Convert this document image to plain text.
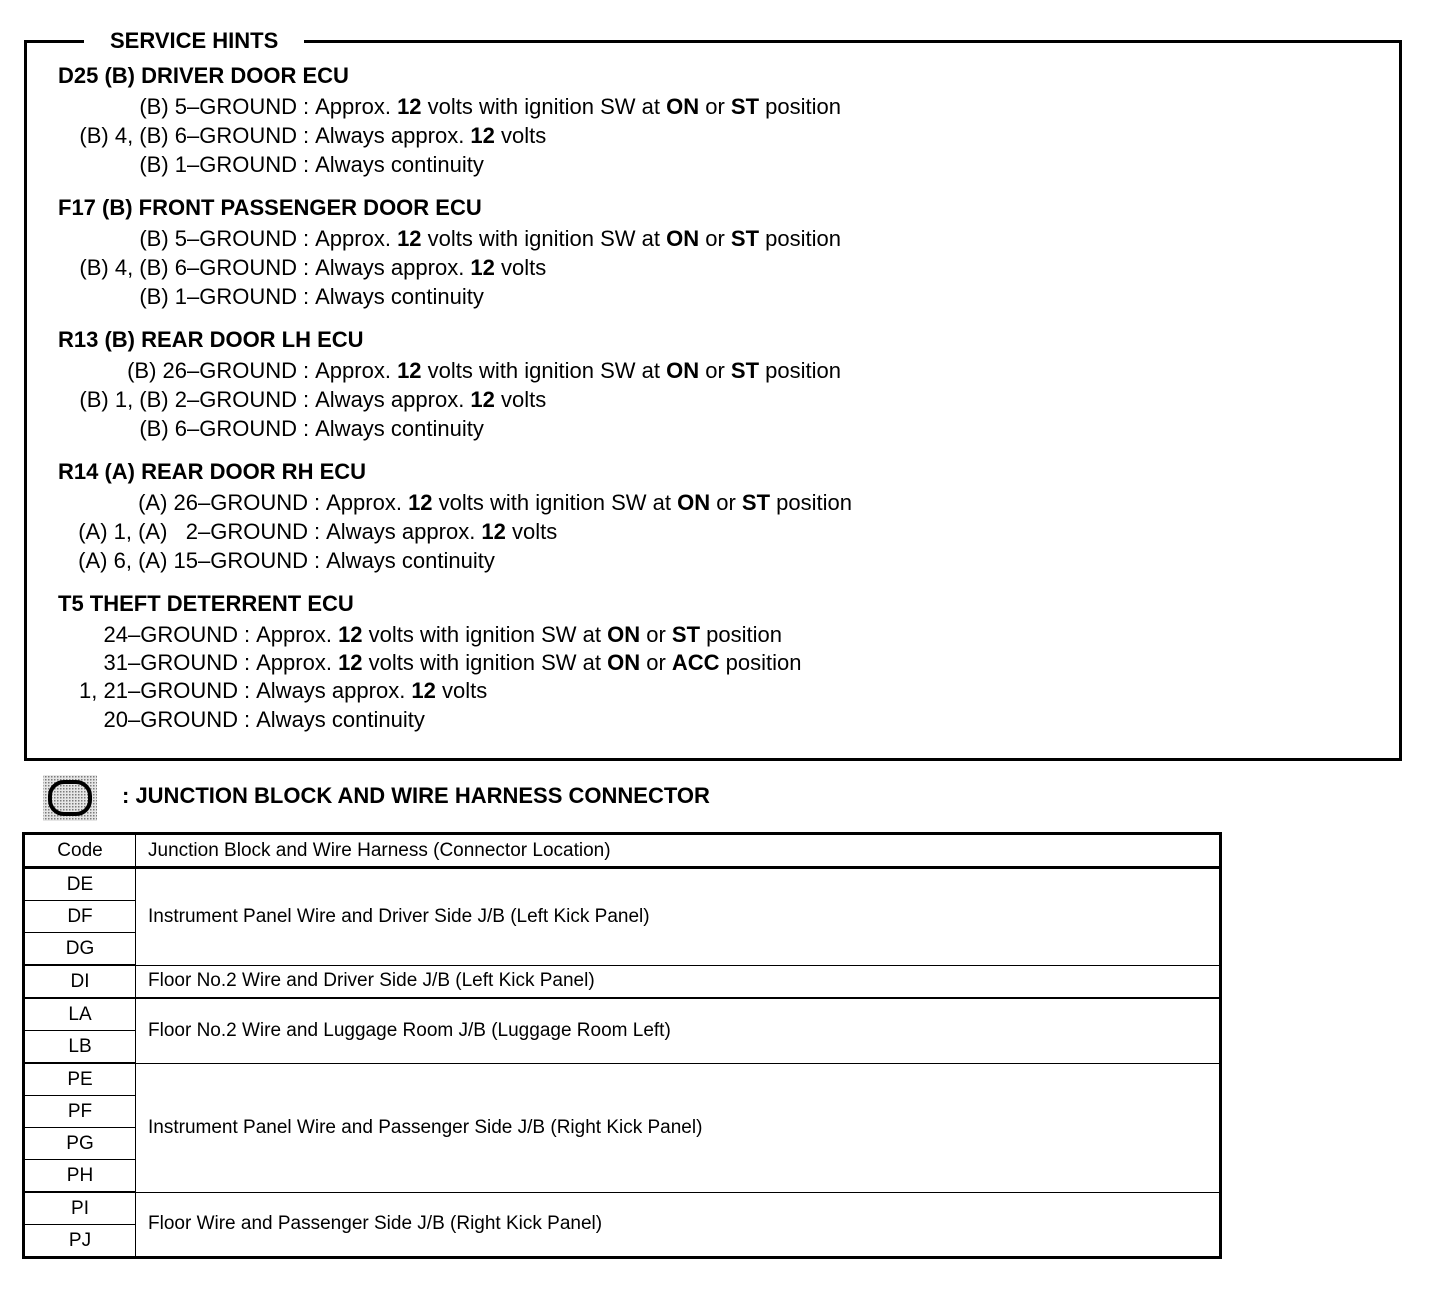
SERVICE HINTS
D25 (B) DRIVER DOOR ECU
(B) 5–GROUND : Approx. 12 volts with ignition SW at ON or ST position
(B) 4, (B) 6–GROUND : Always approx. 12 volts
(B) 1–GROUND : Always continuity
F17 (B) FRONT PASSENGER DOOR ECU
(B) 5–GROUND : Approx. 12 volts with ignition SW at ON or ST position
(B) 4, (B) 6–GROUND : Always approx. 12 volts
(B) 1–GROUND : Always continuity
R13 (B) REAR DOOR LH ECU
(B) 26–GROUND : Approx. 12 volts with ignition SW at ON or ST position
(B) 1, (B) 2–GROUND : Always approx. 12 volts
(B) 6–GROUND : Always continuity
R14 (A) REAR DOOR RH ECU
(A) 26–GROUND : Approx. 12 volts with ignition SW at ON or ST position
(A) 1, (A)   2–GROUND : Always approx. 12 volts
(A) 6, (A) 15–GROUND : Always continuity
T5 THEFT DETERRENT ECU
24–GROUND : Approx. 12 volts with ignition SW at ON or ST position
31–GROUND : Approx. 12 volts with ignition SW at ON or ACC position
1, 21–GROUND : Always approx. 12 volts
20–GROUND : Always continuity
: JUNCTION BLOCK AND WIRE HARNESS CONNECTOR
Code	Junction Block and Wire Harness (Connector Location)
DE	Instrument Panel Wire and Driver Side J/B (Left Kick Panel)
DF	
DG	
DI	Floor No.2 Wire and Driver Side J/B (Left Kick Panel)
LA	Floor No.2 Wire and Luggage Room J/B (Luggage Room Left)
LB	
PE	Instrument Panel Wire and Passenger Side J/B (Right Kick Panel)
PF	
PG	
PH	
PI	Floor Wire and Passenger Side J/B (Right Kick Panel)
PJ	
